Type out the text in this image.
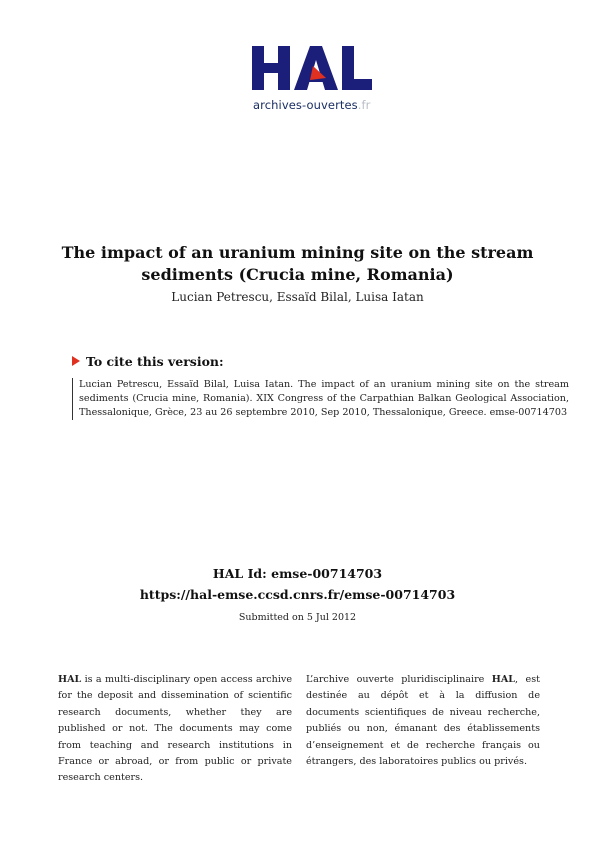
archives-ouvertes.fr
The impact of an uranium mining site on the stream
sediments (Crucia mine, Romania)
Lucian Petrescu, Essaïd Bilal, Luisa Iatan
To cite this version:
Lucian Petrescu, Essaïd Bilal, Luisa Iatan. The impact of an uranium mining site on the stream sediments (Crucia mine, Romania). XIX Congress of the Carpathian Balkan Geological Association, Thessalonique, Grèce, 23 au 26 septembre 2010, Sep 2010, Thessalonique, Greece. emse-00714703
HAL Id: emse-00714703
https://hal-emse.ccsd.cnrs.fr/emse-00714703
Submitted on 5 Jul 2012
HAL is a multi-disciplinary open access archive for the deposit and dissemination of scientific research documents, whether they are published or not. The documents may come from teaching and research institutions in France or abroad, or from public or private research centers.
L’archive ouverte pluridisciplinaire HAL, est destinée au dépôt et à la diffusion de documents scientifiques de niveau recherche, publiés ou non, émanant des établissements d’enseignement et de recherche français ou étrangers, des laboratoires publics ou privés.
